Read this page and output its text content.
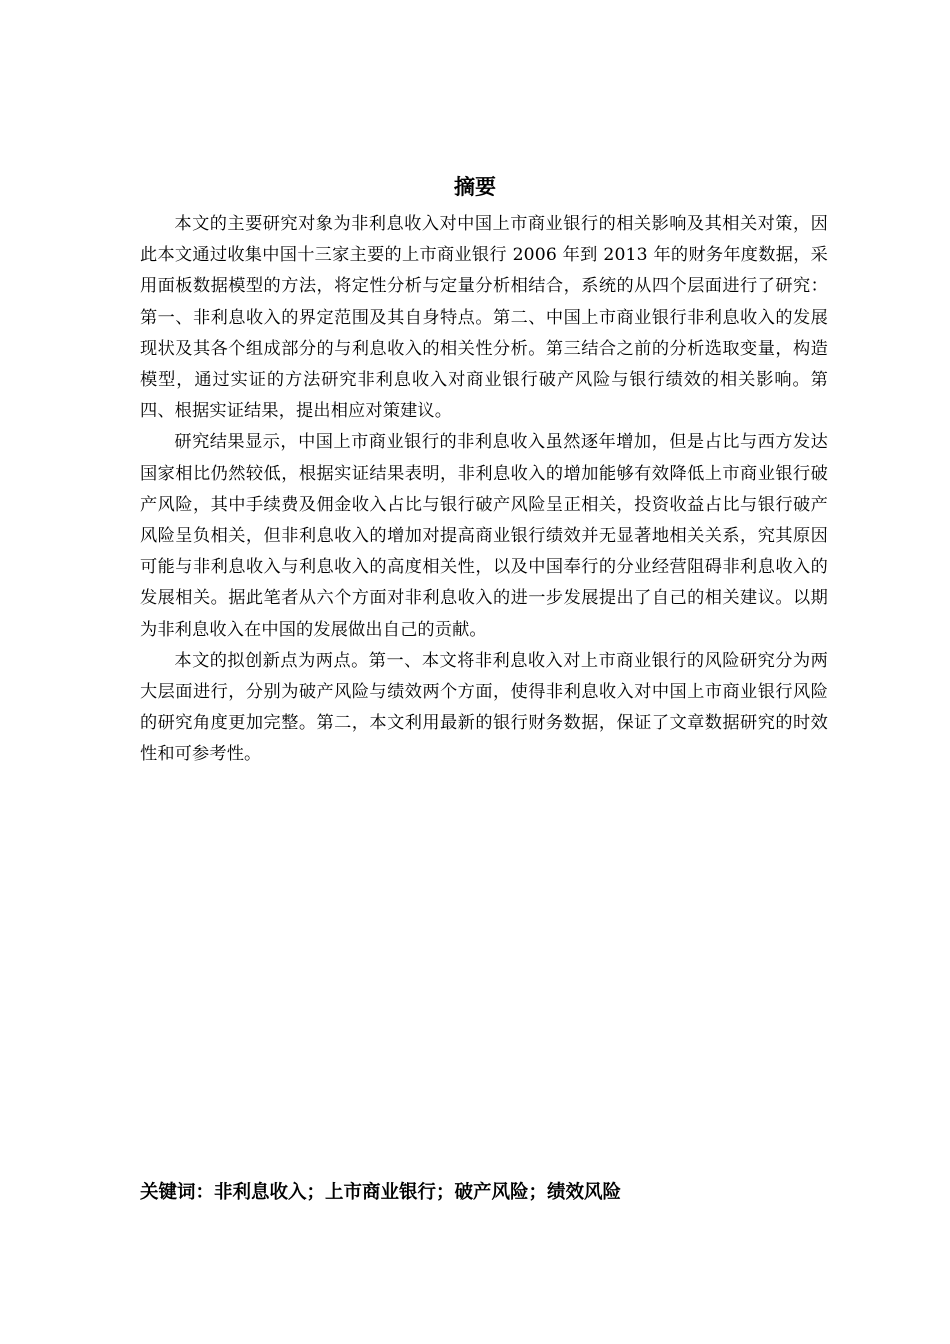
摘要

本文的主要研究对象为非利息收入对中国上市商业银行的相关影响及其相关对策，因此本文通过收集中国十三家主要的上市商业银行 2006 年到 2013 年的财务年度数据，采用面板数据模型的方法，将定性分析与定量分析相结合，系统的从四个层面进行了研究：第一、非利息收入的界定范围及其自身特点。第二、中国上市商业银行非利息收入的发展现状及其各个组成部分的与利息收入的相关性分析。第三结合之前的分析选取变量，构造模型，通过实证的方法研究非利息收入对商业银行破产风险与银行绩效的相关影响。第四、根据实证结果，提出相应对策建议。

研究结果显示，中国上市商业银行的非利息收入虽然逐年增加，但是占比与西方发达国家相比仍然较低，根据实证结果表明，非利息收入的增加能够有效降低上市商业银行破产风险，其中手续费及佣金收入占比与银行破产风险呈正相关，投资收益占比与银行破产风险呈负相关，但非利息收入的增加对提高商业银行绩效并无显著地相关关系，究其原因可能与非利息收入与利息收入的高度相关性，以及中国奉行的分业经营阻碍非利息收入的发展相关。据此笔者从六个方面对非利息收入的进一步发展提出了自己的相关建议。以期为非利息收入在中国的发展做出自己的贡献。

本文的拟创新点为两点。第一、本文将非利息收入对上市商业银行的风险研究分为两大层面进行，分别为破产风险与绩效两个方面，使得非利息收入对中国上市商业银行风险的研究角度更加完整。第二，本文利用最新的银行财务数据，保证了文章数据研究的时效性和可参考性。

关键词：非利息收入；上市商业银行；破产风险；绩效风险
